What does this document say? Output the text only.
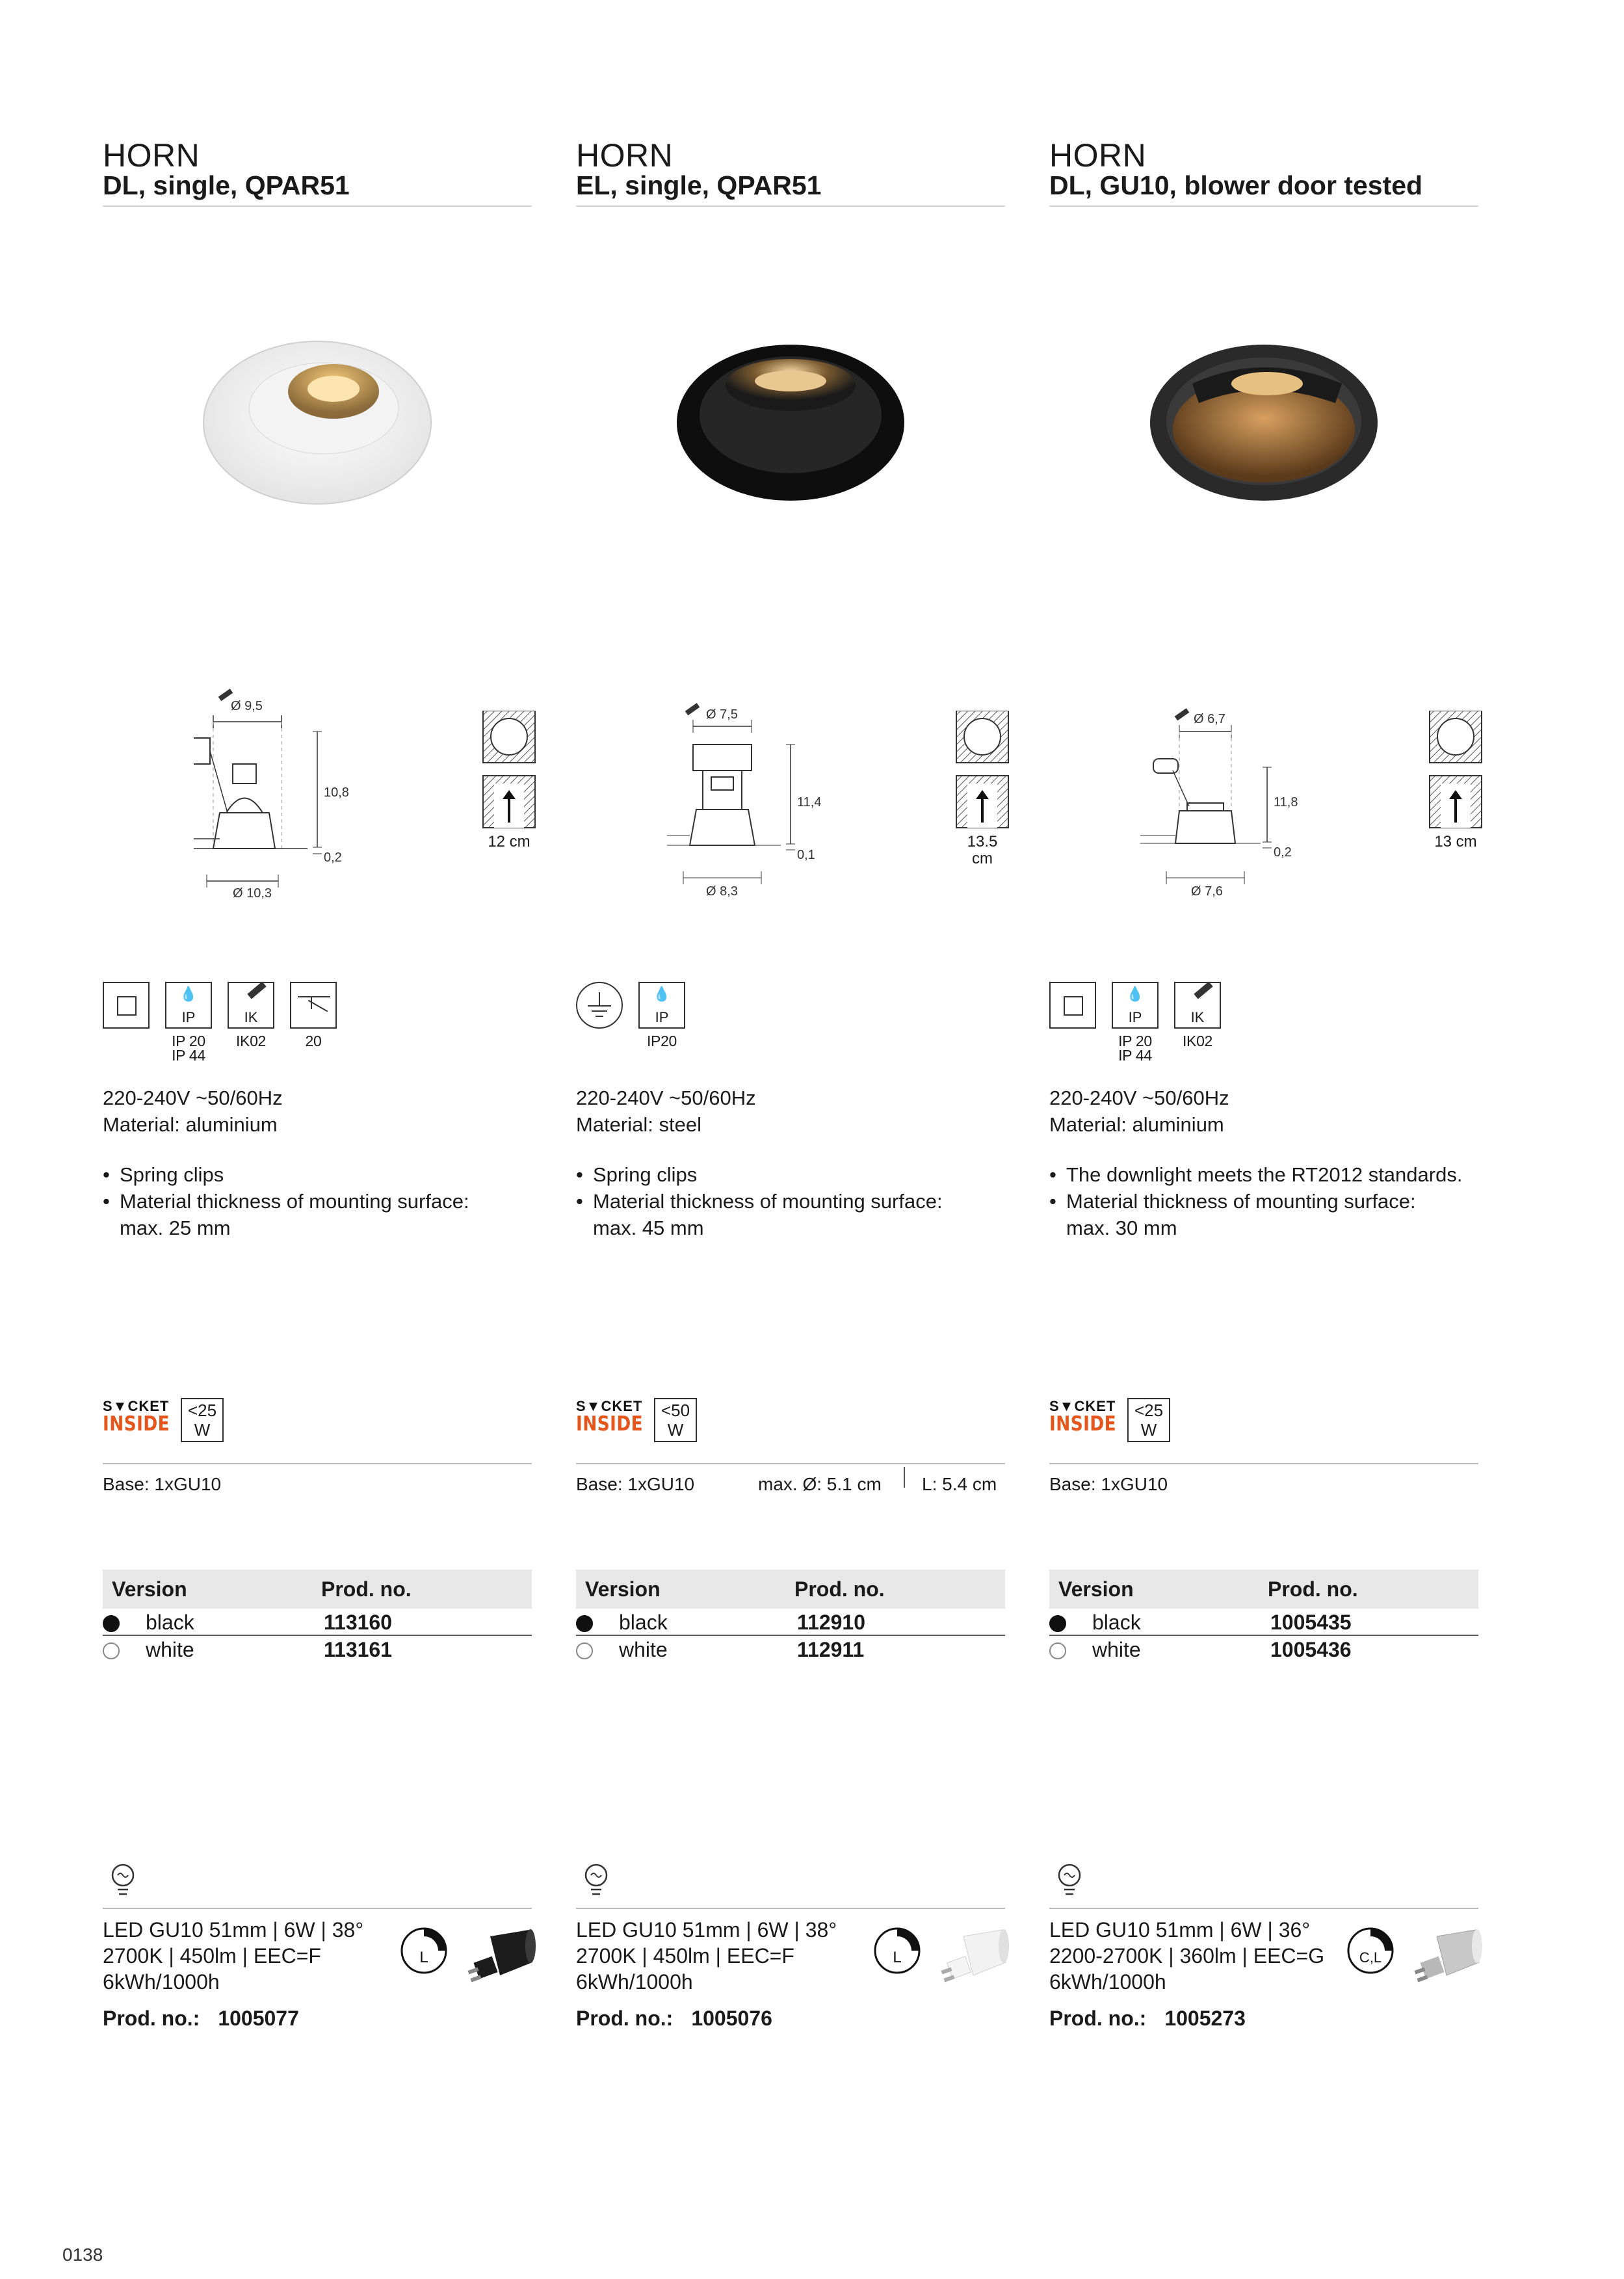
HORN
DL, single, QPAR51
Ø 9,5
Ø 10,3
10,8
0,2
12 cm
💧
IP
IP 20
IP 44
IK
IK02	20
220-240V ~50/60Hz
Material: aluminium
• Spring clips
• Material thickness of mounting surface:
max. 25 mm
S▼CKET
INSIDE
<25
W
Base: 1xGU10
Version	Prod. no.
black	113160
white	113161
LED GU10 51mm | 6W | 38°
2700K | 450lm | EEC=F
6kWh/1000h
L
Prod. no.: 1005077
HORN
EL, single, QPAR51
Ø 7,5
Ø 8,3
11,4
0,1
13.5
cm
💧
IP
IP20
220-240V ~50/60Hz
Material: steel
• Spring clips
• Material thickness of mounting surface:
max. 45 mm
S▼CKET
INSIDE
<50
W
Base: 1xGU10	max. Ø: 5.1 cm L: 5.4 cm
Version	Prod. no.
black	112910
white	112911
LED GU10 51mm | 6W | 38°
2700K | 450lm | EEC=F
6kWh/1000h
L
Prod. no.: 1005076
HORN
DL, GU10, blower door tested
Ø 6,7
Ø 7,6
11,8
0,2
13 cm
💧
IP
IP 20
IP 44
IK
IK02
220-240V ~50/60Hz
Material: aluminium
• The downlight meets the RT2012 standards.
• Material thickness of mounting surface:
max. 30 mm
S▼CKET
INSIDE
<25
W
Base: 1xGU10
Version	Prod. no.
black	1005435
white	1005436
LED GU10 51mm | 6W | 36°
2200-2700K | 360lm | EEC=G
6kWh/1000h
C,L
Prod. no.: 1005273
0138
